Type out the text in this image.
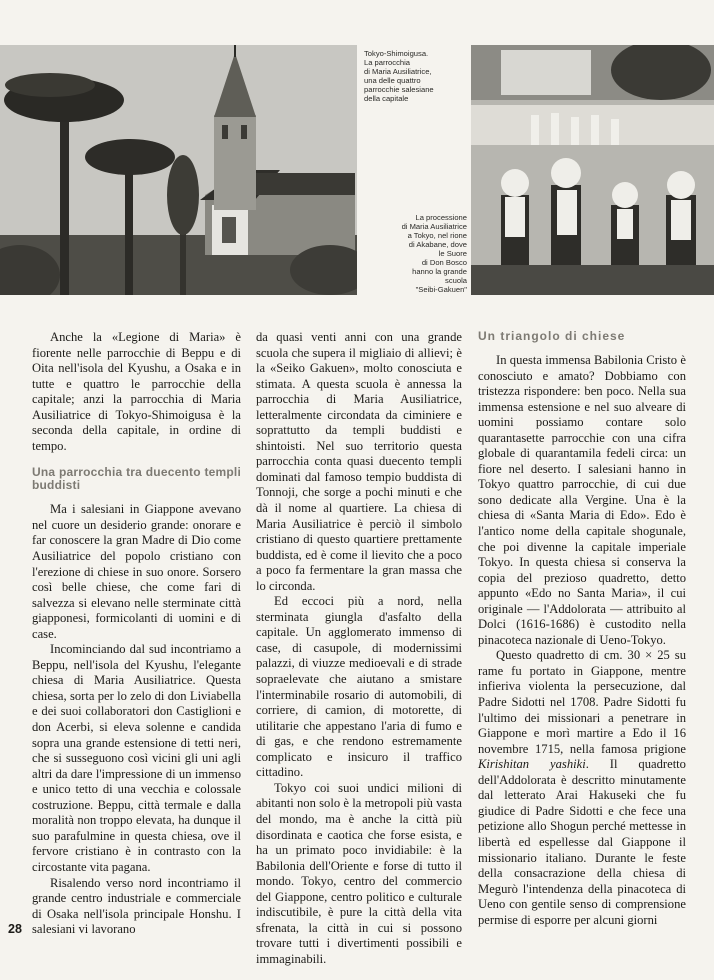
Tokyo-Shimoigusa.
La parrocchia
di Maria Ausiliatrice,
una delle quattro
parrocchie salesiane
della capitale
La processione
di Maria Ausiliatrice
a Tokyo, nel rione
di Akabane, dove
le Suore
di Don Bosco
hanno la grande
scuola
"Seibi-Gakuen"

Anche la «Legione di Maria» è fiorente nelle parrocchie di Beppu e di Oita nell'isola del Kyushu, a Osaka e in tutte e quattro le parrocchie della capitale; anzi la parrocchia di Maria Ausiliatrice di Tokyo-Shimoigusa è la seconda della capitale, in ordine di tempo.

Una parrocchia tra duecento templi buddisti

Ma i salesiani in Giappone avevano nel cuore un desiderio grande: onorare e far conoscere la gran Madre di Dio come Ausiliatrice del popolo cristiano con l'erezione di chiese in suo onore. Sorsero così belle chiese, che come fari di salvezza si elevano nelle sterminate città giapponesi, formicolanti di uomini e di case.

Incominciando dal sud incontriamo a Beppu, nell'isola del Kyushu, l'elegante chiesa di Maria Ausiliatrice. Questa chiesa, sorta per lo zelo di don Liviabella e dei suoi collaboratori don Castiglioni e don Acerbi, si eleva solenne e candida sopra una grande estensione di tetti neri, che si susseguono così vicini gli uni agli altri da dare l'impressione di un immenso e unico tetto di una vecchia e colossale costruzione. Beppu, città termale e dalla moralità non troppo elevata, ha dunque il suo parafulmine in questa chiesa, ove il fervore cristiano è in contrasto con la circostante vita pagana.

Risalendo verso nord incontriamo il grande centro industriale e commerciale di Osaka nell'isola principale Honshu. I salesiani vi lavorano

da quasi venti anni con una grande scuola che supera il migliaio di allievi; è la «Seiko Gakuen», molto conosciuta e stimata. A questa scuola è annessa la parrocchia di Maria Ausiliatrice, letteralmente circondata da ciminiere e soprattutto da templi buddisti e shintoisti. Nel suo territorio questa parrocchia conta quasi duecento templi dominati dal famoso tempio buddista di Tonnoji, che sorge a pochi minuti e che dà il nome al quartiere. La chiesa di Maria Ausiliatrice è perciò il simbolo cristiano di questo quartiere prettamente buddista, ed è come il lievito che a poco a poco fa fermentare la gran massa che lo circonda.

Ed eccoci più a nord, nella sterminata giungla d'asfalto della capitale. Un agglomerato immenso di case, di casupole, di modernissimi palazzi, di viuzze medioevali e di strade sopraelevate che aiutano a smistare l'interminabile rosario di automobili, di corriere, di camion, di motorette, di utilitarie che appestano l'aria di fumo e di gas, e che rendono estremamente complicato e insicuro il traffico cittadino.

Tokyo coi suoi undici milioni di abitanti non solo è la metropoli più vasta del mondo, ma è anche la città più disordinata e caotica che forse esista, e ha un primato poco invidiabile: è la Babilonia dell'Oriente e forse di tutto il mondo. Tokyo, centro del commercio del Giappone, centro politico e culturale indiscutibile, è pure la città della vita sfrenata, la città in cui si possono trovare tutti i divertimenti possibili e immaginabili.

Un triangolo di chiese

In questa immensa Babilonia Cristo è conosciuto e amato? Dobbiamo con tristezza rispondere: ben poco. Nella sua immensa estensione e nel suo alveare di uomini possiamo contare solo quarantasette parrocchie con una cifra globale di quarantamila fedeli circa: un fiore nel deserto. I salesiani hanno in Tokyo quattro parrocchie, di cui due sono dedicate alla Vergine. Una è la chiesa di «Santa Maria di Edo». Edo è l'antico nome della capitale shogunale, che poi divenne la capitale imperiale Tokyo. In questa chiesa si conserva la copia del prezioso quadretto, detto appunto «Edo no Santa Maria», il cui originale — l'Addolorata — attribuito al Dolci (1616-1686) è custodito nella pinacoteca nazionale di Ueno-Tokyo.

Questo quadretto di cm. 30 × 25 su rame fu portato in Giappone, mentre infieriva violenta la persecuzione, dal Padre Sidotti nel 1708. Padre Sidotti fu l'ultimo dei missionari a penetrare in Giappone e morì martire a Edo il 16 novembre 1715, nella famosa prigione Kirishitan yashiki. Il quadretto dell'Addolorata è descritto minutamente dal letterato Arai Hakuseki che fu giudice di Padre Sidotti e che fece una petizione allo Shogun perché mettesse in libertà ed espellesse dal Giappone il missionario italiano. Durante le feste della consacrazione della chiesa di Megurò l'intendenza della pinacoteca di Ueno con gentile senso di comprensione permise di esporre per alcuni giorni

28
